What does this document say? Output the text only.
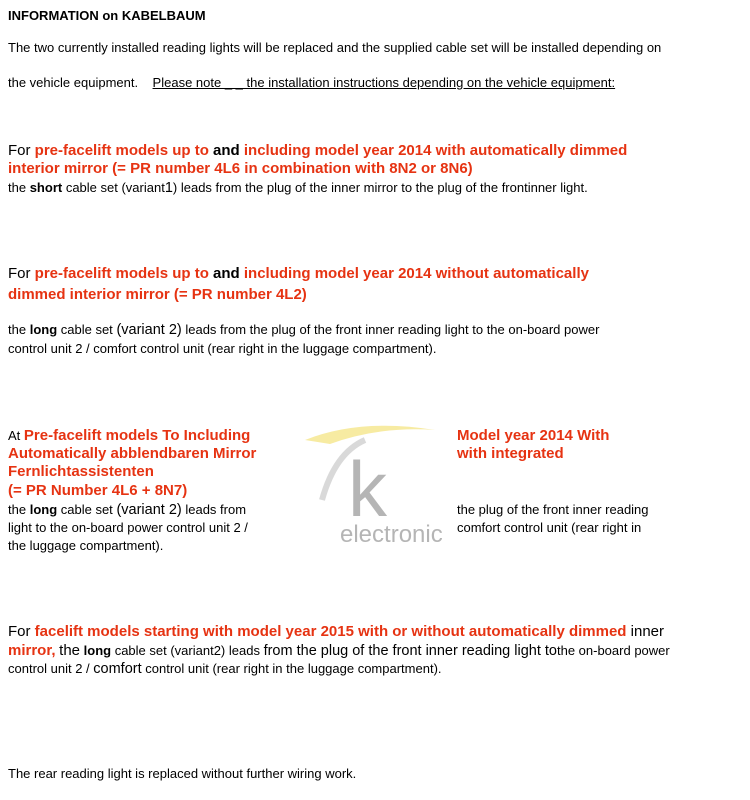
INFORMATION on KABELBAUM
The two currently installed reading lights will be replaced and the supplied cable set will be installed depending on
the vehicle equipment. Please note _ _ the installation instructions depending on the vehicle equipment:
For pre-facelift models up to and including model year 2014 with automatically dimmed
interior mirror (= PR number 4L6 in combination with 8N2 or 8N6)
the short cable set (variant1) leads from the plug of the inner mirror to the plug of the frontinner light.
For pre-facelift models up to and including model year 2014 without automatically
dimmed interior mirror (= PR number 4L2)
the long cable set (variant 2) leads from the plug of the front inner reading light to the on-board power
control unit 2 / comfort control unit (rear right in the luggage compartment).
k
electronic
At Pre-facelift models To Including
Automatically abblendbaren Mirror
Fernlichtassistenten
(= PR Number 4L6 + 8N7)
the long cable set (variant 2) leads from
light to the on-board power control unit 2 /
the luggage compartment).
Model year 2014 With
with integrated
the plug of the front inner reading
comfort control unit (rear right in
For facelift models starting with model year 2015 with or without automatically dimmed inner
mirror, the long cable set (variant2) leads from the plug of the front inner reading light tothe on-board power
control unit 2 / comfort control unit (rear right in the luggage compartment).
The rear reading light is replaced without further wiring work.
